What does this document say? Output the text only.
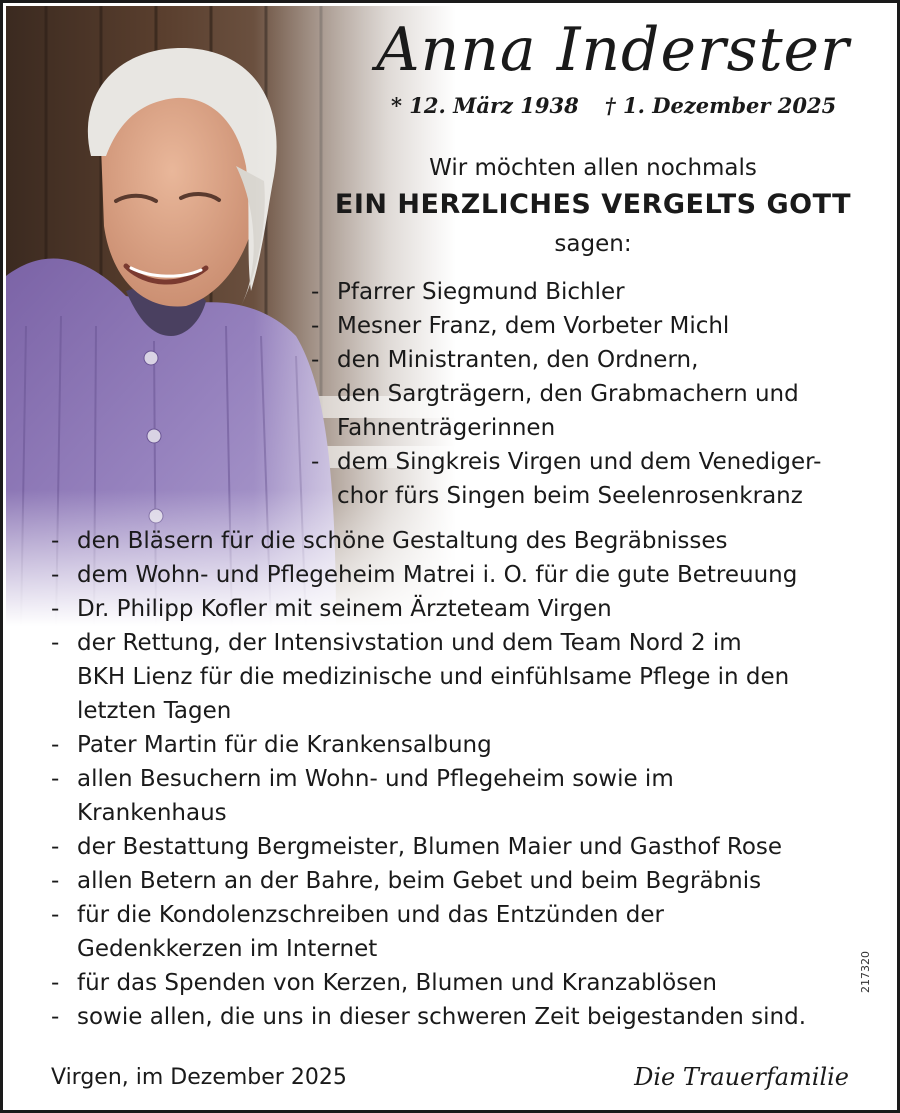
Anna Inderster
* 12. März 1938 † 1. Dezember 2025
Wir möchten allen nochmals
EIN HERZLICHES VERGELTS GOTT
sagen:
- Pfarrer Siegmund Bichler
- Mesner Franz, dem Vorbeter Michl
- den Ministranten, den Ordnern,
den Sargträgern, den Grabmachern und
Fahnenträgerinnen
- dem Singkreis Virgen und dem Venediger-
chor fürs Singen beim Seelenrosenkranz
- den Bläsern für die schöne Gestaltung des Begräbnisses
- dem Wohn- und Pflegeheim Matrei i. O. für die gute Betreuung
- Dr. Philipp Kofler mit seinem Ärzteteam Virgen
- der Rettung, der Intensivstation und dem Team Nord 2 im
BKH Lienz für die medizinische und einfühlsame Pflege in den
letzten Tagen
- Pater Martin für die Krankensalbung
- allen Besuchern im Wohn- und Pflegeheim sowie im
Krankenhaus
- der Bestattung Bergmeister, Blumen Maier und Gasthof Rose
- allen Betern an der Bahre, beim Gebet und beim Begräbnis
- für die Kondolenzschreiben und das Entzünden der
Gedenkkerzen im Internet
- für das Spenden von Kerzen, Blumen und Kranzablösen
- sowie allen, die uns in dieser schweren Zeit beigestanden sind.
Virgen, im Dezember 2025	Die Trauerfamilie
217320
